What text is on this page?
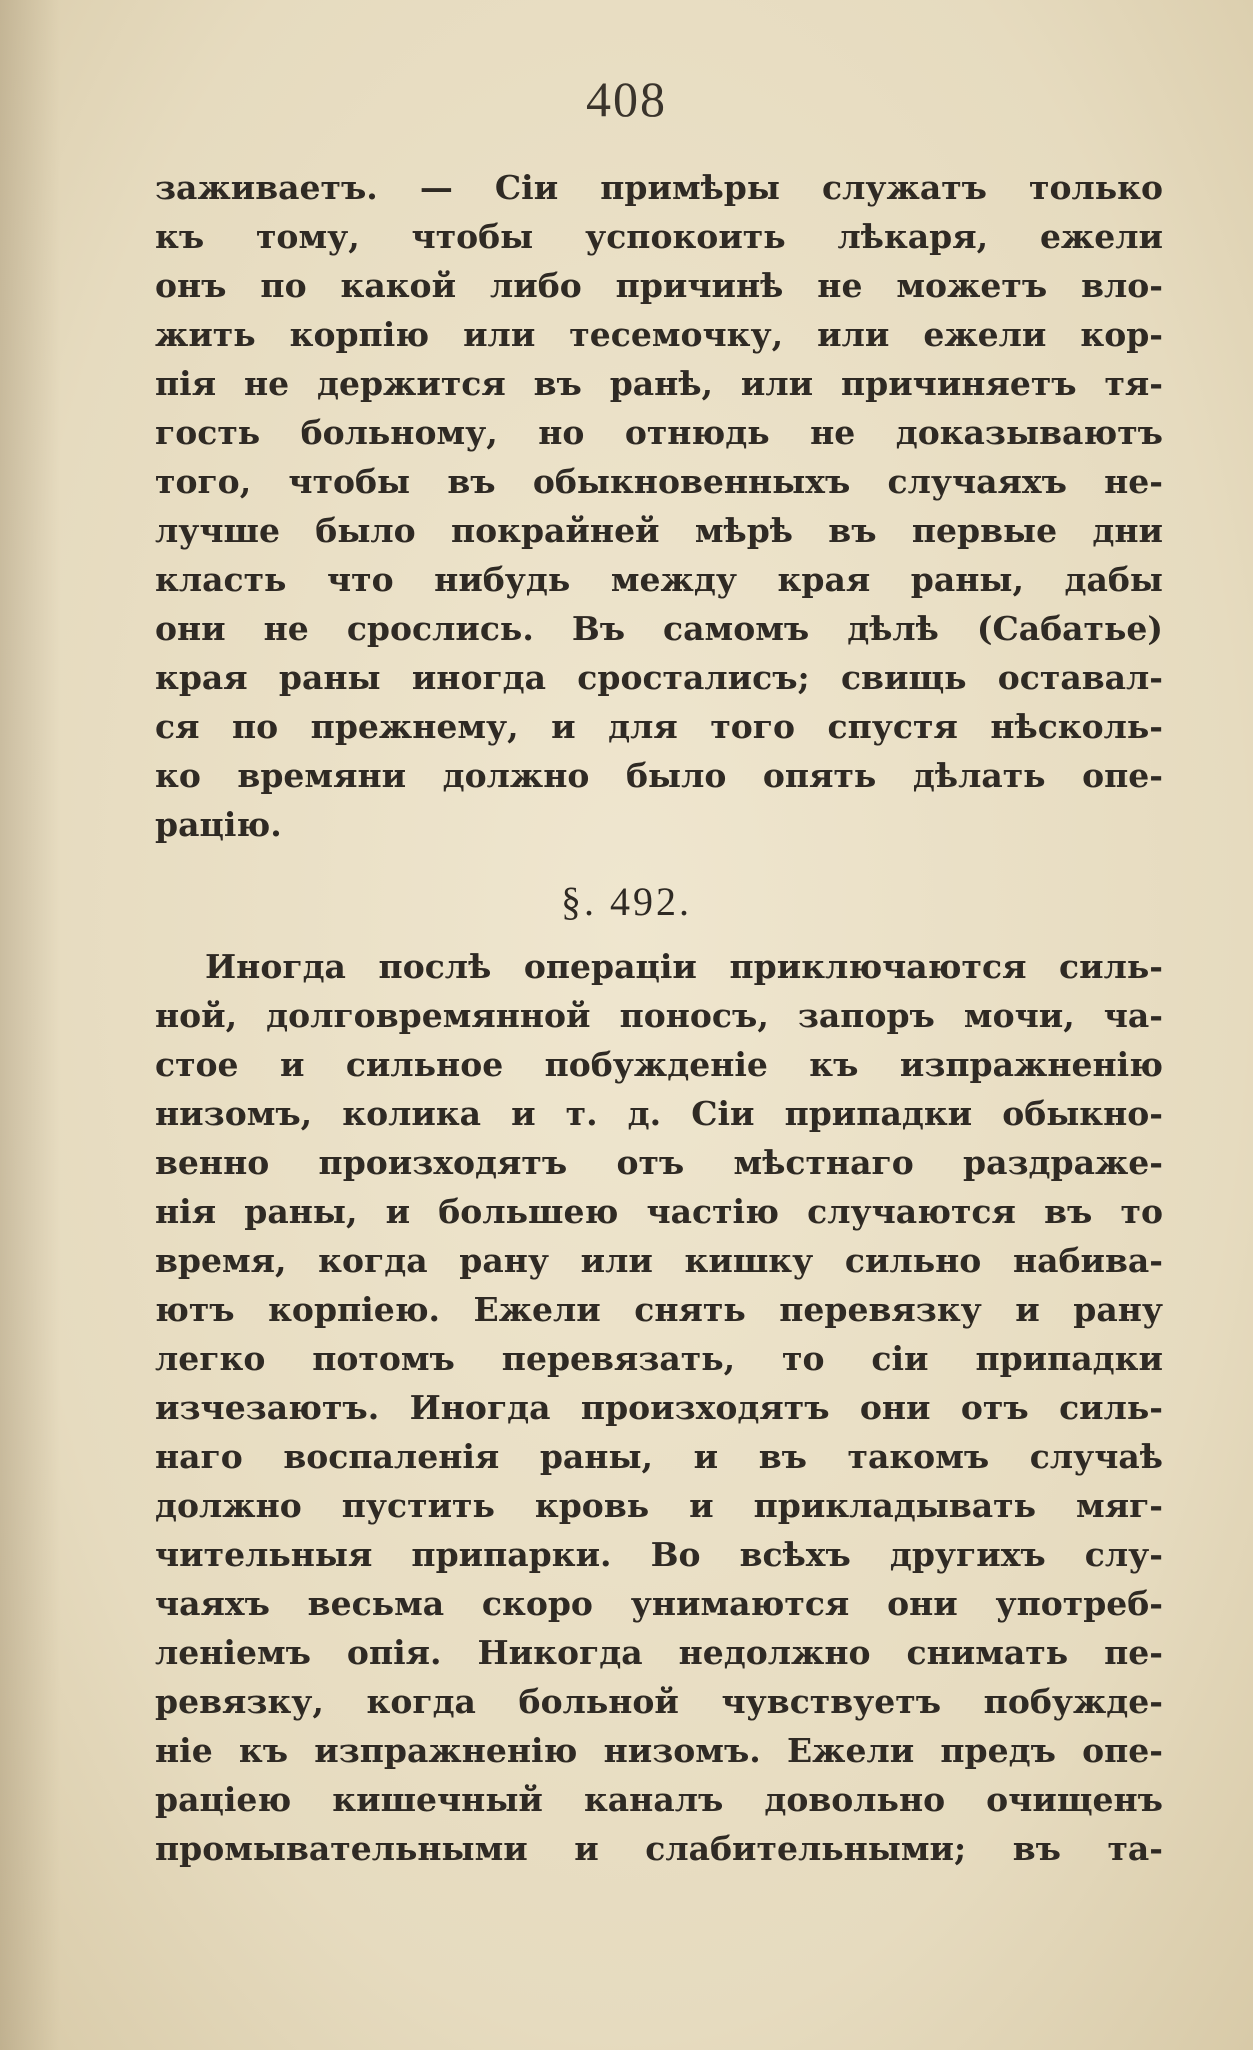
408
заживаетъ. — Сіи примѣры служатъ только
къ тому, чтобы успокоить лѣкаря, ежели
онъ по какой либо причинѣ не можетъ вло-
жить корпію или тесемочку, или ежели кор-
пія не держится въ ранѣ, или причиняетъ тя-
гость больному, но отнюдь не доказываютъ
того, чтобы въ обыкновенныхъ случаяхъ не-
лучше было покрайней мѣрѣ въ первые дни
класть что нибудь между края раны, дабы
они не срослись. Въ самомъ дѣлѣ (Сабатье)
края раны иногда сросталисъ; свищь оставал-
ся по прежнему, и для того спустя нѣсколь-
ко времяни должно было опять дѣлать опе-
рацію.
§. 492.
Иногда послѣ операціи приключаются силь-
ной, долговремянной поносъ, запоръ мочи, ча-
стое и сильное побужденіе къ изпражненію
низомъ, колика и т. д. Сіи припадки обыкно-
венно произходятъ отъ мѣстнаго раздраже-
нія раны, и большею частію случаются въ то
время, когда рану или кишку сильно набива-
ютъ корпіею. Ежели снять перевязку и рану
легко потомъ перевязать, то сіи припадки
изчезаютъ. Иногда произходятъ они отъ силь-
наго воспаленія раны, и въ такомъ случаѣ
должно пустить кровь и прикладывать мяг-
чительныя припарки. Во всѣхъ другихъ слу-
чаяхъ весьма скоро унимаются они употреб-
леніемъ опія. Никогда недолжно снимать пе-
ревязку, когда больной чувствуетъ побужде-
ніе къ изпражненію низомъ. Ежели предъ опе-
раціею кишечный каналъ довольно очищенъ
промывательными и слабительными; въ та-
